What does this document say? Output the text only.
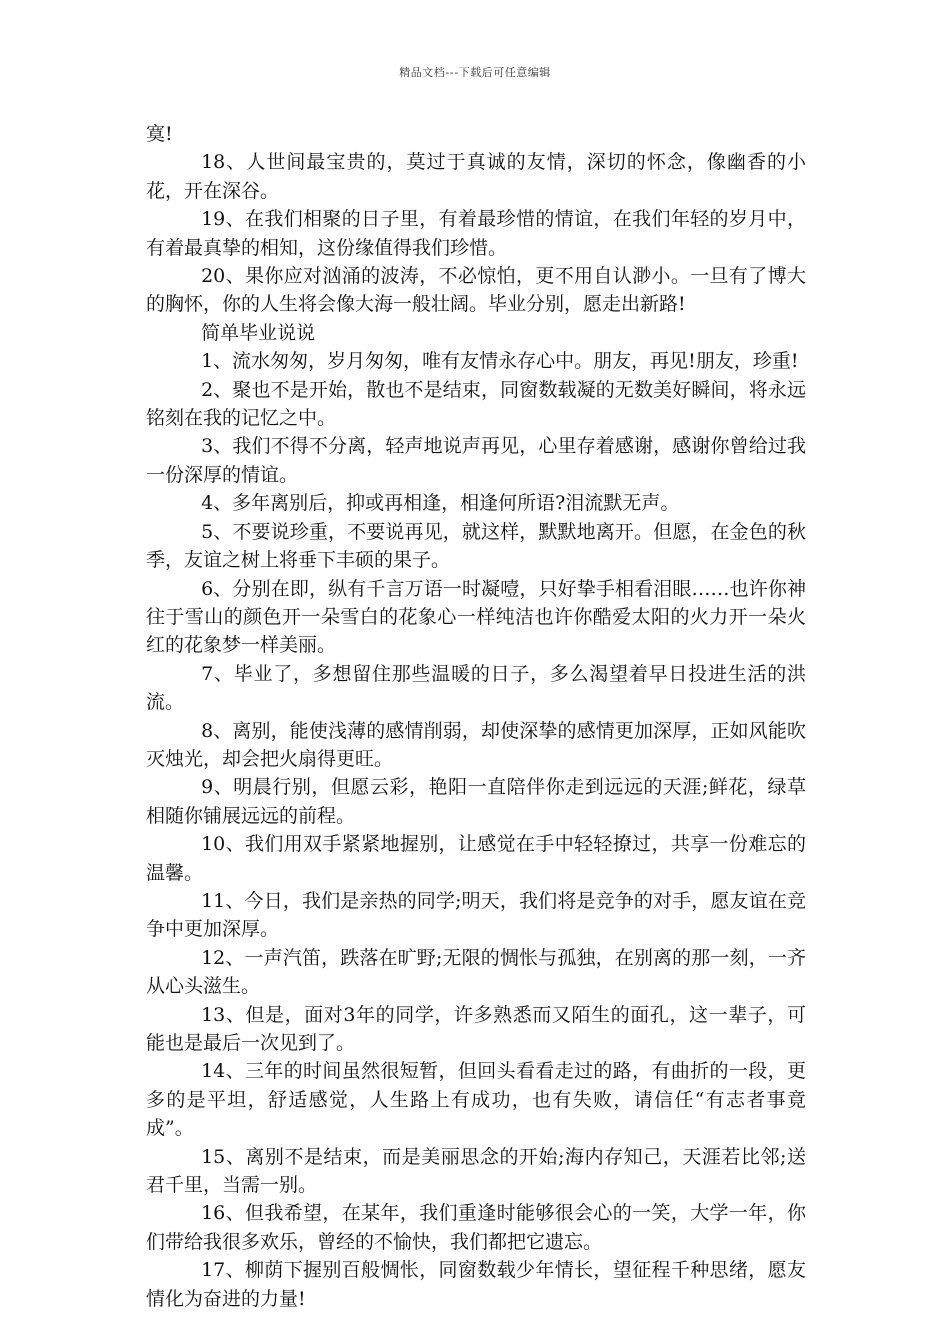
精品文档---下载后可任意编辑

寞!

18、人世间最宝贵的，莫过于真诚的友情，深切的怀念，像幽香的小花，开在深谷。

19、在我们相聚的日子里，有着最珍惜的情谊，在我们年轻的岁月中，有着最真挚的相知，这份缘值得我们珍惜。

20、果你应对汹涌的波涛，不必惊怕，更不用自认渺小。一旦有了博大的胸怀，你的人生将会像大海一般壮阔。毕业分别，愿走出新路!

简单毕业说说

1、流水匆匆，岁月匆匆，唯有友情永存心中。朋友，再见!朋友，珍重!

2、聚也不是开始，散也不是结束，同窗数载凝的无数美好瞬间，将永远铭刻在我的记忆之中。

3、我们不得不分离，轻声地说声再见，心里存着感谢，感谢你曾给过我一份深厚的情谊。

4、多年离别后，抑或再相逢，相逢何所语?泪流默无声。

5、不要说珍重，不要说再见，就这样，默默地离开。但愿，在金色的秋季，友谊之树上将垂下丰硕的果子。

6、分别在即，纵有千言万语一时凝噎，只好挚手相看泪眼……也许你神往于雪山的颜色开一朵雪白的花象心一样纯洁也许你酷爱太阳的火力开一朵火红的花象梦一样美丽。

7、毕业了，多想留住那些温暖的日子，多么渴望着早日投进生活的洪流。

8、离别，能使浅薄的感情削弱，却使深挚的感情更加深厚，正如风能吹灭烛光，却会把火扇得更旺。

9、明晨行别，但愿云彩，艳阳一直陪伴你走到远远的天涯;鲜花，绿草相随你铺展远远的前程。

10、我们用双手紧紧地握别，让感觉在手中轻轻撩过，共享一份难忘的温馨。

11、今日，我们是亲热的同学;明天，我们将是竞争的对手，愿友谊在竞争中更加深厚。

12、一声汽笛，跌落在旷野;无限的惆怅与孤独，在别离的那一刻，一齐从心头滋生。

13、但是，面对3年的同学，许多熟悉而又陌生的面孔，这一辈子，可能也是最后一次见到了。

14、三年的时间虽然很短暂，但回头看看走过的路，有曲折的一段，更多的是平坦，舒适感觉，人生路上有成功，也有失败，请信任“有志者事竟成”。

15、离别不是结束，而是美丽思念的开始;海内存知己，天涯若比邻;送君千里，当需一别。

16、但我希望，在某年，我们重逢时能够很会心的一笑，大学一年，你们带给我很多欢乐，曾经的不愉快，我们都把它遗忘。

17、柳荫下握别百般惆怅，同窗数载少年情长，望征程千种思绪，愿友情化为奋进的力量!
